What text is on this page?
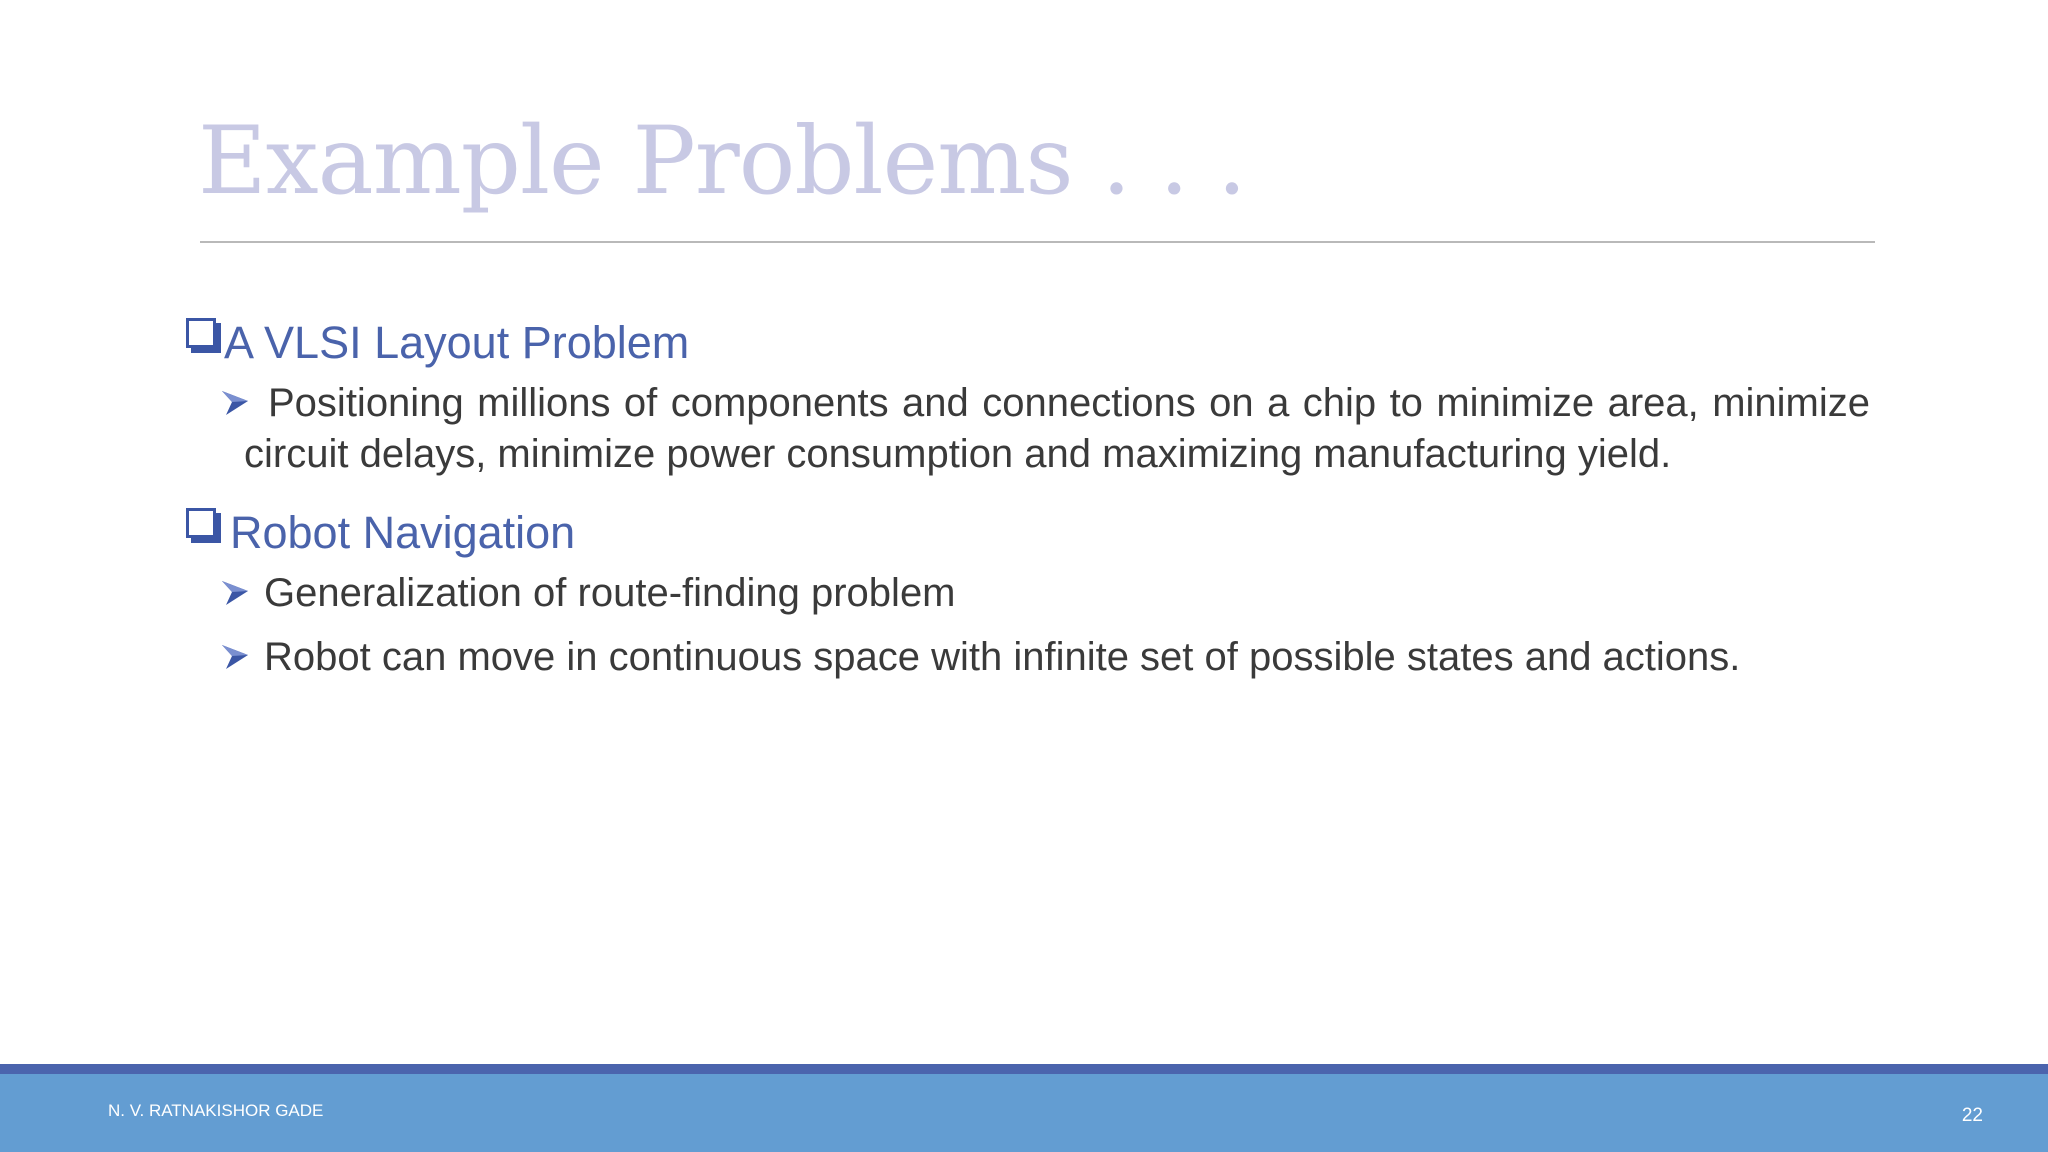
Example Problems . . .
A VLSI Layout Problem
Positioning millions of components and connections on a chip to minimize area, minimize circuit delays, minimize power consumption and maximizing manufacturing yield.
Robot Navigation
Generalization of route-finding problem
Robot can move in continuous space with infinite set of possible states and actions.
N. V. RATNAKISHOR GADE	22
